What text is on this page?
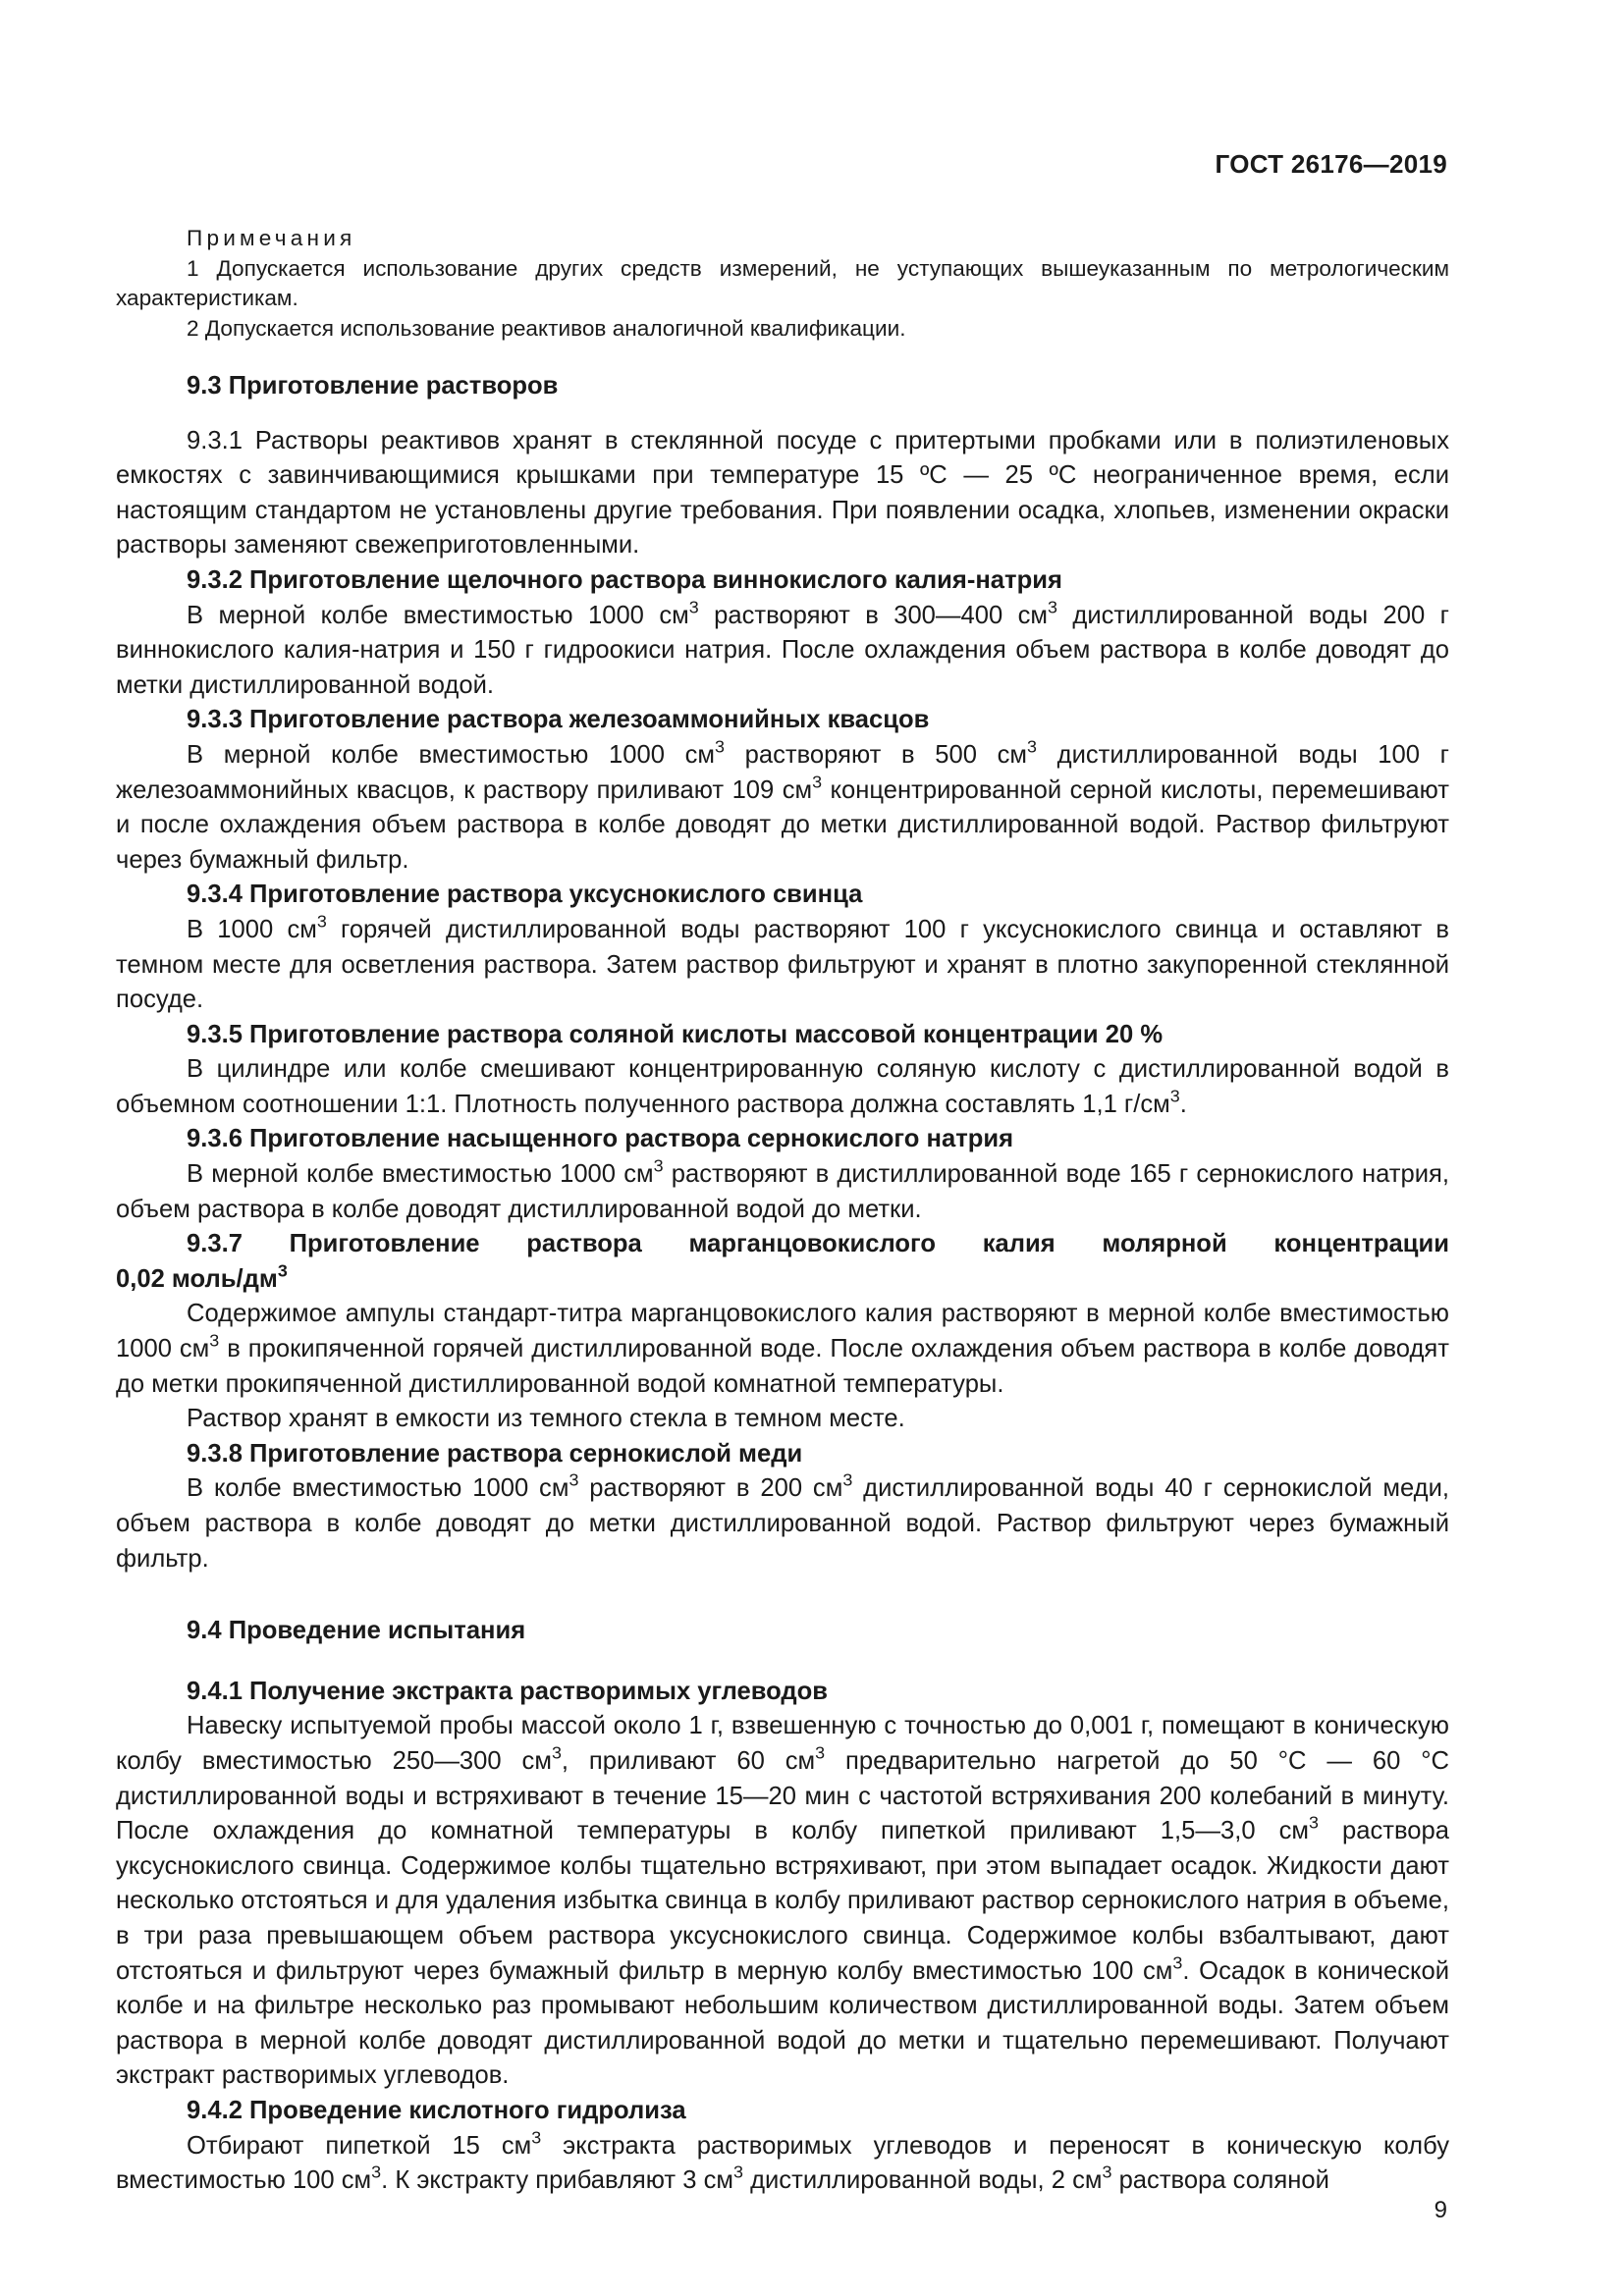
ГОСТ 26176—2019
Примечания

1 Допускается использование других средств измерений, не уступающих вышеуказанным по метрологическим характеристикам.

2 Допускается использование реактивов аналогичной квалификации.

9.3 Приготовление растворов

9.3.1 Растворы реактивов хранят в стеклянной посуде с притертыми пробками или в полиэтиленовых емкостях с завинчивающимися крышками при температуре 15 ºС — 25 ºС неограниченное время, если настоящим стандартом не установлены другие требования. При появлении осадка, хлопьев, изменении окраски растворы заменяют свежеприготовленными.

9.3.2 Приготовление щелочного раствора виннокислого калия-натрия

В мерной колбе вместимостью 1000 $см^3$ растворяют в 300—400 $см^3$ дистиллированной воды 200 г виннокислого калия-натрия и 150 г гидроокиси натрия. После охлаждения объем раствора в колбе доводят до метки дистиллированной водой.

9.3.3 Приготовление раствора железоаммонийных квасцов

В мерной колбе вместимостью 1000 $см^3$ растворяют в 500 $см^3$ дистиллированной воды 100 г железоаммонийных квасцов, к раствору приливают 109 $см^3$ концентрированной серной кислоты, перемешивают и после охлаждения объем раствора в колбе доводят до метки дистиллированной водой. Раствор фильтруют через бумажный фильтр.

9.3.4 Приготовление раствора уксуснокислого свинца

В 1000 $см^3$ горячей дистиллированной воды растворяют 100 г уксуснокислого свинца и оставляют в темном месте для осветления раствора. Затем раствор фильтруют и хранят в плотно закупоренной стеклянной посуде.

9.3.5 Приготовление раствора соляной кислоты массовой концентрации 20 %

В цилиндре или колбе смешивают концентрированную соляную кислоту с дистиллированной водой в объемном соотношении 1:1. Плотность полученного раствора должна составлять 1,1 $г/см^3$.

9.3.6 Приготовление насыщенного раствора сернокислого натрия

В мерной колбе вместимостью 1000 $см^3$ растворяют в дистиллированной воде 165 г сернокислого натрия, объем раствора в колбе доводят дистиллированной водой до метки.

9.3.7 Приготовление раствора марганцовокислого калия молярной концентрации
0,02 моль/$дм^3$

Содержимое ампулы стандарт-титра марганцовокислого калия растворяют в мерной колбе вместимостью 1000 $см^3$ в прокипяченной горячей дистиллированной воде. После охлаждения объем раствора в колбе доводят до метки прокипяченной дистиллированной водой комнатной температуры.

Раствор хранят в емкости из темного стекла в темном месте.

9.3.8 Приготовление раствора сернокислой меди

В колбе вместимостью 1000 $см^3$ растворяют в 200 $см^3$ дистиллированной воды 40 г сернокислой меди, объем раствора в колбе доводят до метки дистиллированной водой. Раствор фильтруют через бумажный фильтр.

9.4 Проведение испытания
9.4.1 Получение экстракта растворимых углеводов

Навеску испытуемой пробы массой около 1 г, взвешенную с точностью до 0,001 г, помещают в коническую колбу вместимостью 250—300 $см^3$, приливают 60 $см^3$ предварительно нагретой до 50 °С — 60 °С дистиллированной воды и встряхивают в течение 15—20 мин с частотой встряхивания 200 колебаний в минуту. После охлаждения до комнатной температуры в колбу пипеткой приливают 1,5—3,0 $см^3$ раствора уксуснокислого свинца. Содержимое колбы тщательно встряхивают, при этом выпадает осадок. Жидкости дают несколько отстояться и для удаления избытка свинца в колбу приливают раствор сернокислого натрия в объеме, в три раза превышающем объем раствора уксуснокислого свинца. Содержимое колбы взбалтывают, дают отстояться и фильтруют через бумажный фильтр в мерную колбу вместимостью 100 $см^3$. Осадок в конической колбе и на фильтре несколько раз промывают небольшим количеством дистиллированной воды. Затем объем раствора в мерной колбе доводят дистиллированной водой до метки и тщательно перемешивают. Получают экстракт растворимых углеводов.

9.4.2 Проведение кислотного гидролиза

Отбирают пипеткой 15 $см^3$ экстракта растворимых углеводов и переносят в коническую колбу вместимостью 100 $см^3$. К экстракту прибавляют 3 $см^3$ дистиллированной воды, 2 $см^3$ раствора соляной

9
